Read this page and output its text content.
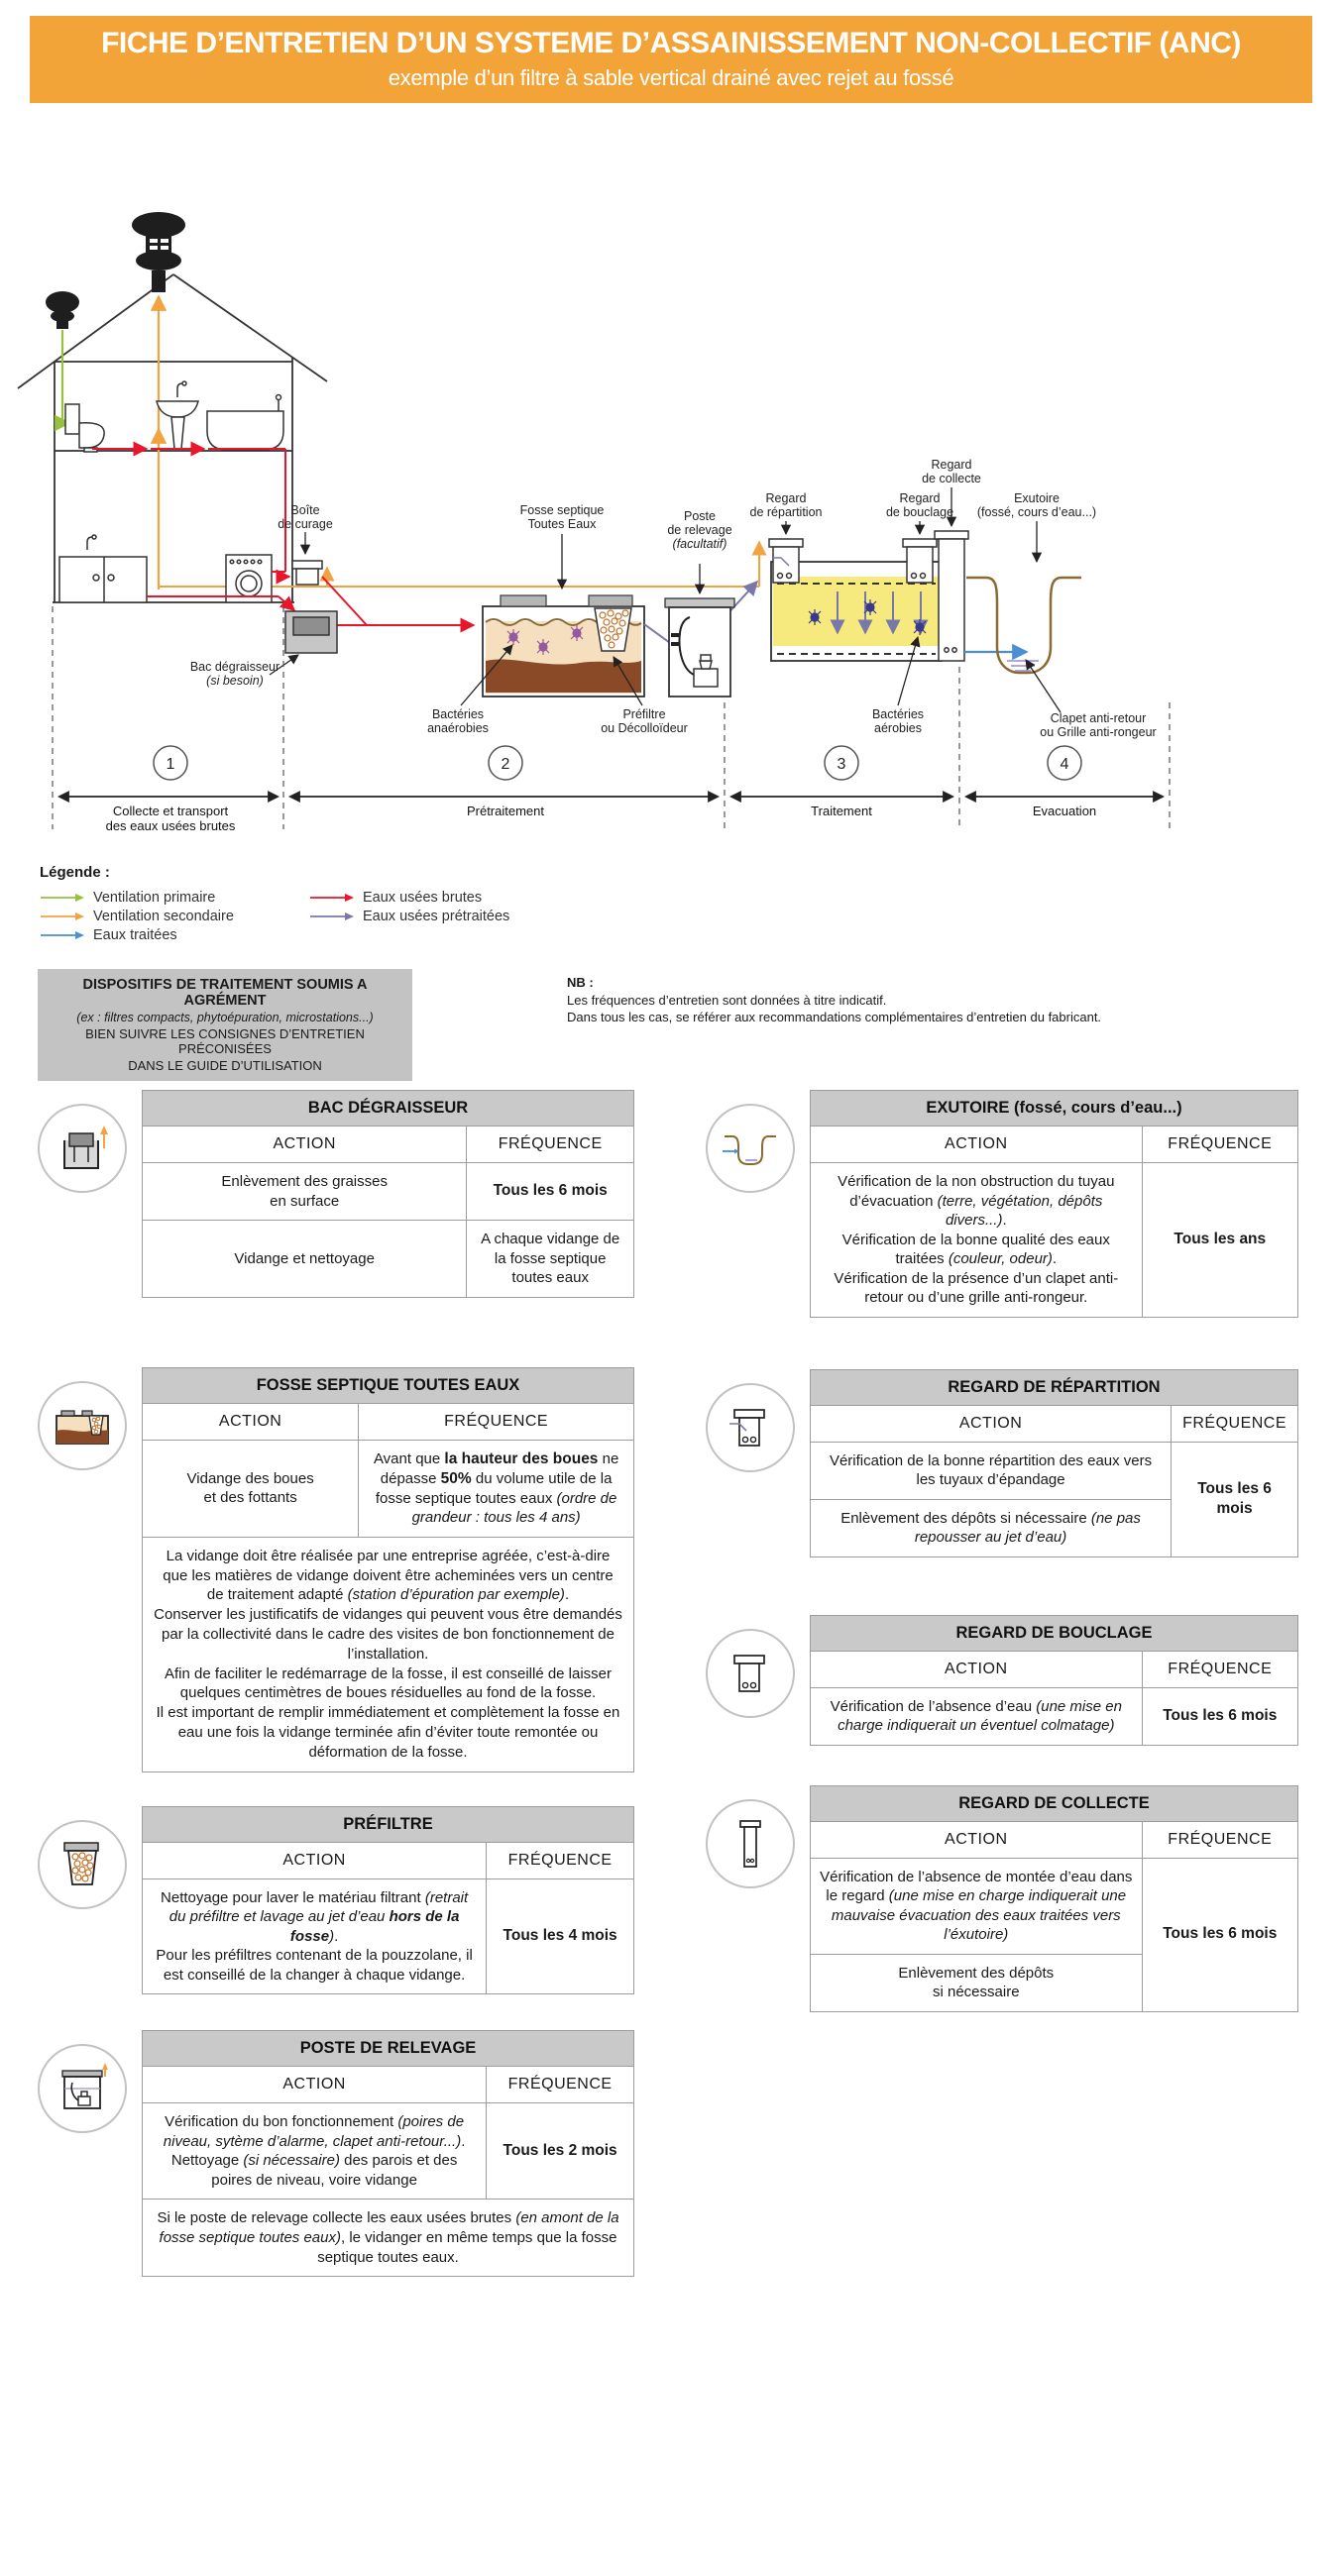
FICHE D’ENTRETIEN D’UN SYSTEME D’ASSAINISSEMENT NON-COLLECTIF (ANC)
exemple d’un filtre à sable vertical drainé avec rejet au fossé
Boîte
de curage
Fosse septique
Toutes Eaux
Poste
de relevage
(facultatif)
Regard
de répartition
Regard
de bouclage
Regard
de collecte
Exutoire
(fossé, cours d’eau...)
Bac dégraisseur
(si besoin)
Bactéries
anaérobies
Préfiltre
ou Décolloïdeur
Bactéries
aérobies
Clapet anti-retour
ou Grille anti-rongeur
1	2	3	4
Collecte et transport
des eaux usées brutes
Prétraitement	Traitement	Evacuation
Légende :
Ventilation primaire
Ventilation secondaire
Eaux traitées
Eaux usées brutes
Eaux usées prétraitées
DISPOSITIFS DE TRAITEMENT SOUMIS A AGRÉMENT
(ex : filtres compacts, phytoépuration, microstations...)
BIEN SUIVRE LES CONSIGNES D’ENTRETIEN PRÉCONISÉES
DANS LE GUIDE D’UTILISATION
NB :
Les fréquences d’entretien sont données à titre indicatif.
Dans tous les cas, se référer aux recommandations complémentaires d’entretien du fabricant.
BAC DÉGRAISSEUR	
ACTION	FRÉQUENCE
Enlèvement des graisses
en surface	Tous les 6 mois
Vidange et nettoyage	A chaque vidange de la fosse septique toutes eaux
FOSSE SEPTIQUE TOUTES EAUX	
ACTION	FRÉQUENCE
Vidange des boues
et des fottants	Avant que la hauteur des boues ne dépasse 50% du volume utile de la fosse septique toutes eaux (ordre de grandeur : tous les 4 ans)
La vidange doit être réalisée par une entreprise agréée, c’est-à-dire que les matières de vidange doivent être acheminées vers un centre de traitement adapté (station d’épuration par exemple).
Conserver les justificatifs de vidanges qui peuvent vous être demandés par la collectivité dans le cadre des visites de bon fonctionnement de l’installation.
Afin de faciliter le redémarrage de la fosse, il est conseillé de laisser quelques centimètres de boues résiduelles au fond de la fosse.
Il est important de remplir immédiatement et complètement la fosse en eau une fois la vidange terminée afin d’éviter toute remontée ou déformation de la fosse.	
PRÉFILTRE	
ACTION	FRÉQUENCE
Nettoyage pour laver le matériau filtrant (retrait du préfiltre et lavage au jet d’eau hors de la fosse).
Pour les préfiltres contenant de la pouzzolane, il est conseillé de la changer à chaque vidange.	Tous les 4 mois
POSTE DE RELEVAGE	
ACTION	FRÉQUENCE
Vérification du bon fonctionnement (poires de niveau, sytème d’alarme, clapet anti-retour...).
Nettoyage (si nécessaire) des parois et des poires de niveau, voire vidange	Tous les 2 mois
Si le poste de relevage collecte les eaux usées brutes (en amont de la fosse septique toutes eaux), le vidanger en même temps que la fosse septique toutes eaux.	
EXUTOIRE (fossé, cours d’eau...)	
ACTION	FRÉQUENCE
Vérification de la non obstruction du tuyau d’évacuation (terre, végétation, dépôts divers...).
Vérification de la bonne qualité des eaux traitées (couleur, odeur).
Vérification de la présence d’un clapet anti-retour ou d’une grille anti-rongeur.	Tous les ans
REGARD DE RÉPARTITION	
ACTION	FRÉQUENCE
Vérification de la bonne répartition des eaux vers les tuyaux d’épandage	Tous les 6 mois
Enlèvement des dépôts si nécessaire (ne pas repousser au jet d’eau)	
REGARD DE BOUCLAGE	
ACTION	FRÉQUENCE
Vérification de l’absence d’eau (une mise en charge indiquerait un éventuel colmatage)	Tous les 6 mois
REGARD DE COLLECTE	
ACTION	FRÉQUENCE
Vérification de l’absence de montée d’eau dans le regard (une mise en charge indiquerait une mauvaise évacuation des eaux traitées vers l’éxutoire)	Tous les 6 mois
Enlèvement des dépôts
si nécessaire	
